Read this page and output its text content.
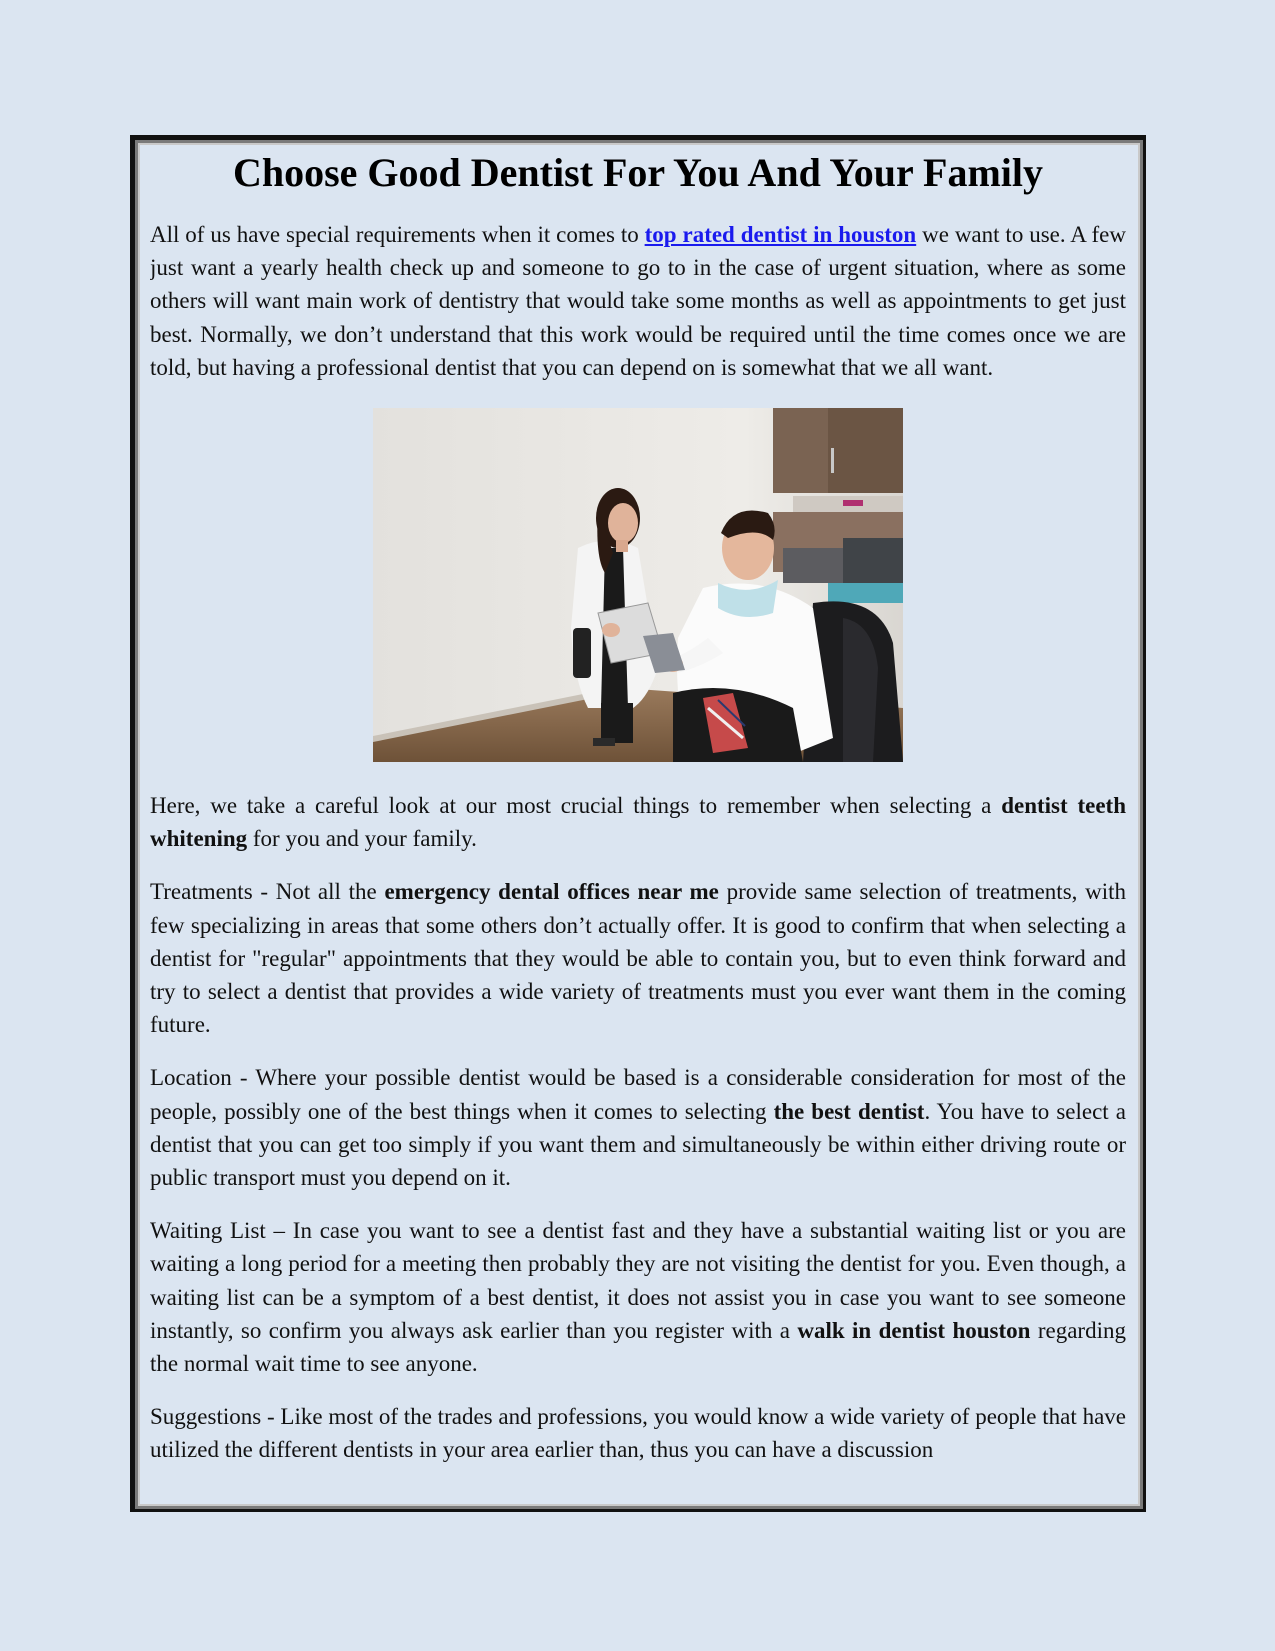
Choose Good Dentist For You And Your Family

All of us have special requirements when it comes to top rated dentist in houston we want to use. A few just want a yearly health check up and someone to go to in the case of urgent situation, where as some others will want main work of dentistry that would take some months as well as appointments to get just best. Normally, we don’t understand that this work would be required until the time comes once we are told, but having a professional dentist that you can depend on is somewhat that we all want.

Here, we take a careful look at our most crucial things to remember when selecting a dentist teeth whitening for you and your family.

Treatments - Not all the emergency dental offices near me provide same selection of treatments, with few specializing in areas that some others don’t actually offer. It is good to confirm that when selecting a dentist for "regular" appointments that they would be able to contain you, but to even think forward and try to select a dentist that provides a wide variety of treatments must you ever want them in the coming future.

Location - Where your possible dentist would be based is a considerable consideration for most of the people, possibly one of the best things when it comes to selecting the best dentist. You have to select a dentist that you can get too simply if you want them and simultaneously be within either driving route or public transport must you depend on it.

Waiting List – In case you want to see a dentist fast and they have a substantial waiting list or you are waiting a long period for a meeting then probably they are not visiting the dentist for you. Even though, a waiting list can be a symptom of a best dentist, it does not assist you in case you want to see someone instantly, so confirm you always ask earlier than you register with a walk in dentist houston regarding the normal wait time to see anyone.

Suggestions - Like most of the trades and professions, you would know a wide variety of people that have utilized the different dentists in your area earlier than, thus you can have a discussion
